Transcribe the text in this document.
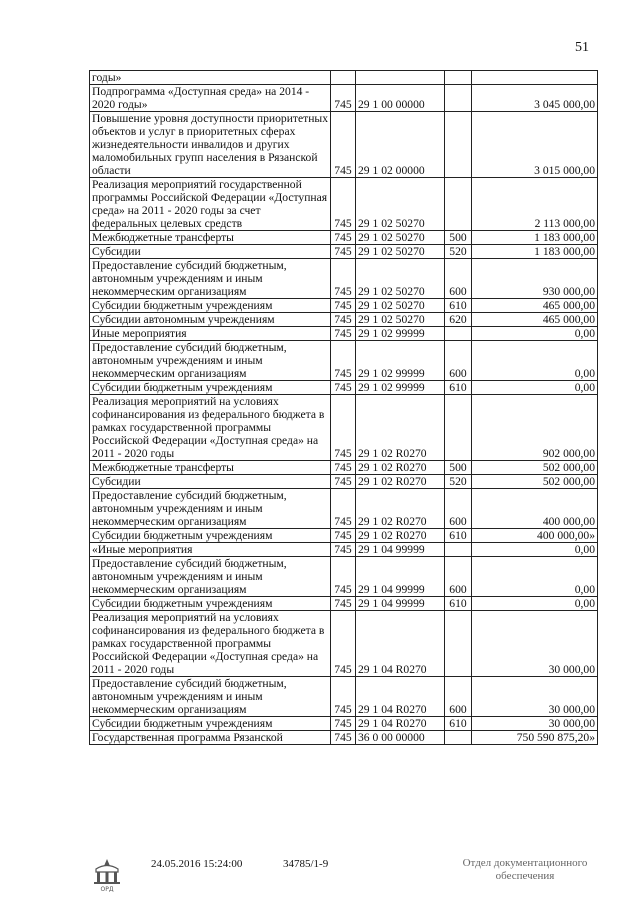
51
годы»				
Подпрограмма «Доступная среда» на 2014 - 2020 годы»	745	29 1 00 00000		3 045 000,00
Повышение уровня доступности приоритетных объектов и услуг в приоритетных сферах жизнедеятельности инвалидов и других маломобильных групп населения в Рязанской области	745	29 1 02 00000		3 015 000,00
Реализация мероприятий государственной программы Российской Федерации «Доступная среда» на 2011 - 2020 годы за счет федеральных целевых средств	745	29 1 02 50270		2 113 000,00
Межбюджетные трансферты	745	29 1 02 50270	500	1 183 000,00
Субсидии	745	29 1 02 50270	520	1 183 000,00
Предоставление субсидий бюджетным, автономным учреждениям и иным некоммерческим организациям	745	29 1 02 50270	600	930 000,00
Субсидии бюджетным учреждениям	745	29 1 02 50270	610	465 000,00
Субсидии автономным учреждениям	745	29 1 02 50270	620	465 000,00
Иные мероприятия	745	29 1 02 99999		0,00
Предоставление субсидий бюджетным, автономным учреждениям и иным некоммерческим организациям	745	29 1 02 99999	600	0,00
Субсидии бюджетным учреждениям	745	29 1 02 99999	610	0,00
Реализация мероприятий на условиях софинансирования из федерального бюджета в рамках государственной программы Российской Федерации «Доступная среда» на 2011 - 2020 годы	745	29 1 02 R0270		902 000,00
Межбюджетные трансферты	745	29 1 02 R0270	500	502 000,00
Субсидии	745	29 1 02 R0270	520	502 000,00
Предоставление субсидий бюджетным, автономным учреждениям и иным некоммерческим организациям	745	29 1 02 R0270	600	400 000,00
Субсидии бюджетным учреждениям	745	29 1 02 R0270	610	400 000,00»
«Иные мероприятия	745	29 1 04 99999		0,00
Предоставление субсидий бюджетным, автономным учреждениям и иным некоммерческим организациям	745	29 1 04 99999	600	0,00
Субсидии бюджетным учреждениям	745	29 1 04 99999	610	0,00
Реализация мероприятий на условиях софинансирования из федерального бюджета в рамках государственной программы Российской Федерации «Доступная среда» на 2011 - 2020 годы	745	29 1 04 R0270		30 000,00
Предоставление субсидий бюджетным, автономным учреждениям и иным некоммерческим организациям	745	29 1 04 R0270	600	30 000,00
Субсидии бюджетным учреждениям	745	29 1 04 R0270	610	30 000,00
Государственная программа Рязанской	745	36 0 00 00000		750 590 875,20»
ОРД
24.05.2016 15:24:00	34785/1-9	Отдел документационного
обеспечения
